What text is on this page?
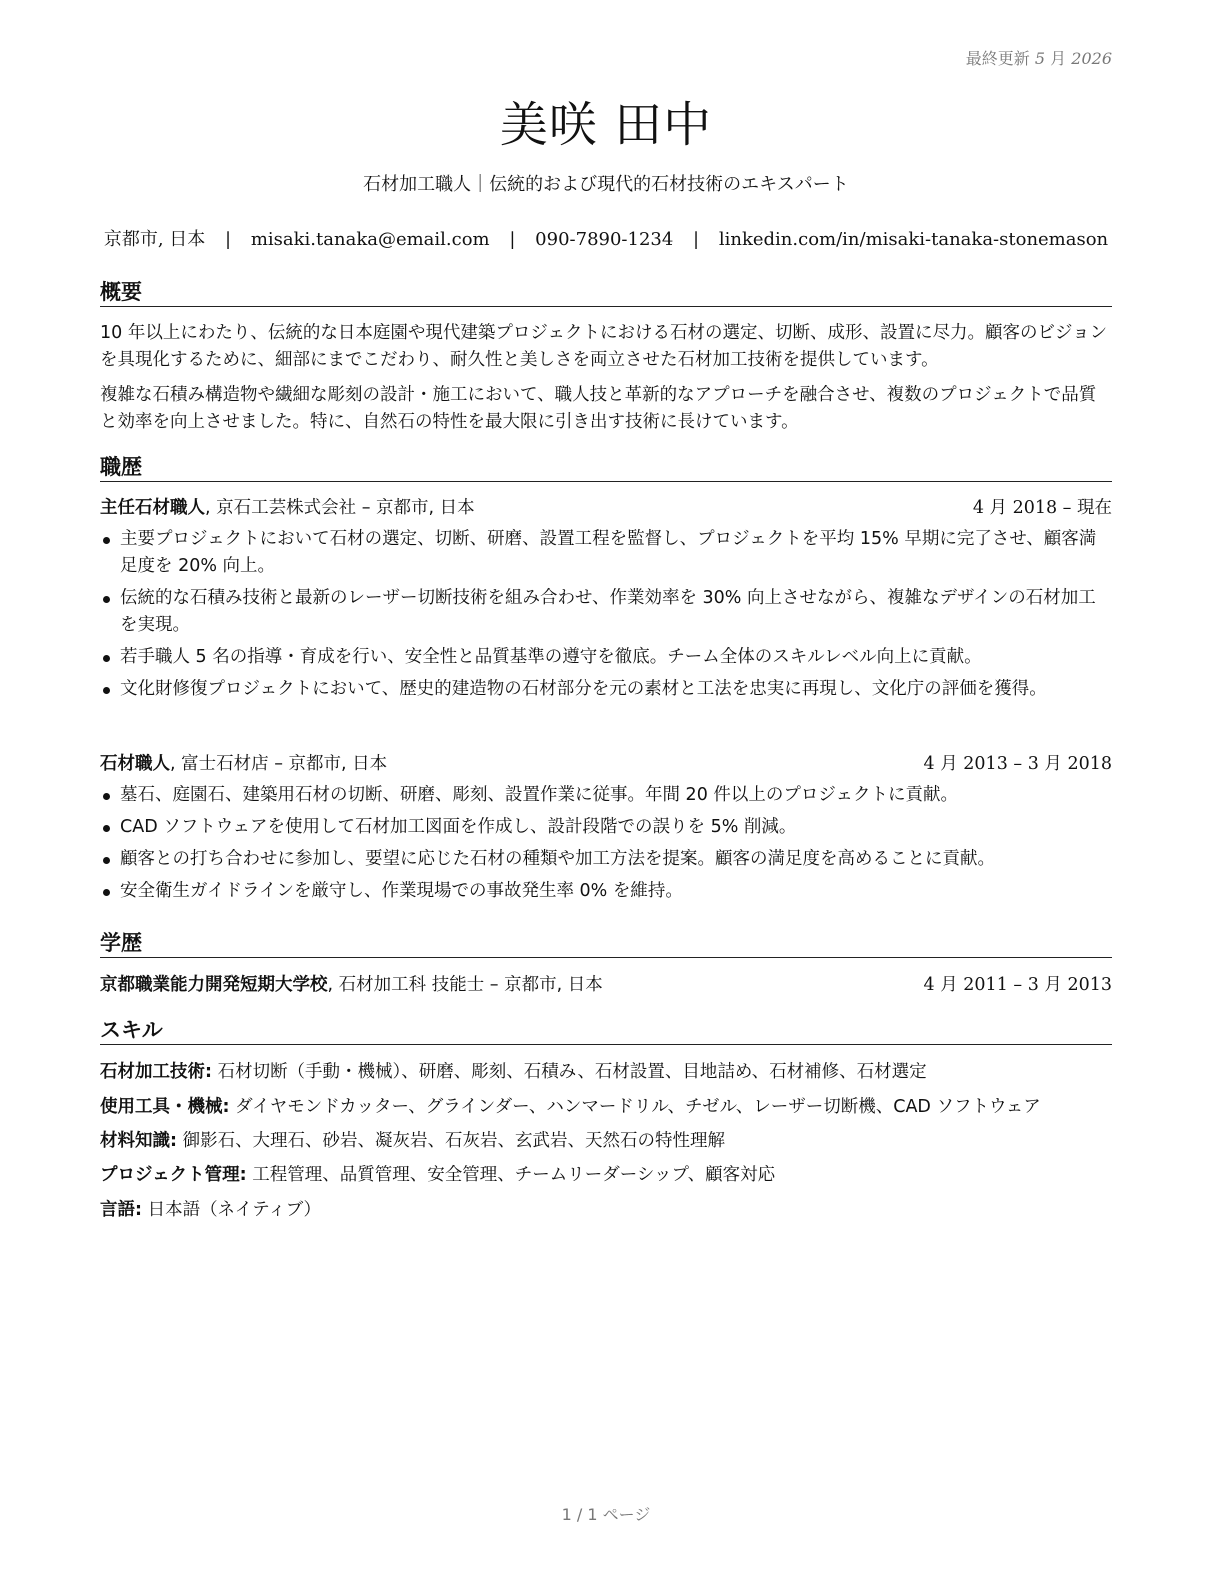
最終更新 5 月 2026
美咲 田中
石材加工職人｜伝統的および現代的石材技術のエキスパート
京都市, 日本 | misaki.tanaka@email.com | 090-7890-1234 | linkedin.com/in/misaki-tanaka-stonemason
概要
10 年以上にわたり、伝統的な日本庭園や現代建築プロジェクトにおける石材の選定、切断、成形、設置に尽力。顧客のビジョンを具現化するために、細部にまでこだわり、耐久性と美しさを両立させた石材加工技術を提供しています。
複雑な石積み構造物や繊細な彫刻の設計・施工において、職人技と革新的なアプローチを融合させ、複数のプロジェクトで品質と効率を向上させました。特に、自然石の特性を最大限に引き出す技術に長けています。
職歴
主任石材職人, 京石工芸株式会社 – 京都市, 日本	4 月 2018 – 現在
主要プロジェクトにおいて石材の選定、切断、研磨、設置工程を監督し、プロジェクトを平均 15% 早期に完了させ、顧客満足度を 20% 向上。
伝統的な石積み技術と最新のレーザー切断技術を組み合わせ、作業効率を 30% 向上させながら、複雑なデザインの石材加工を実現。
若手職人 5 名の指導・育成を行い、安全性と品質基準の遵守を徹底。チーム全体のスキルレベル向上に貢献。
文化財修復プロジェクトにおいて、歴史的建造物の石材部分を元の素材と工法を忠実に再現し、文化庁の評価を獲得。
石材職人, 富士石材店 – 京都市, 日本	4 月 2013 – 3 月 2018
墓石、庭園石、建築用石材の切断、研磨、彫刻、設置作業に従事。年間 20 件以上のプロジェクトに貢献。
CAD ソフトウェアを使用して石材加工図面を作成し、設計段階での誤りを 5% 削減。
顧客との打ち合わせに参加し、要望に応じた石材の種類や加工方法を提案。顧客の満足度を高めることに貢献。
安全衛生ガイドラインを厳守し、作業現場での事故発生率 0% を維持。
学歴
京都職業能力開発短期大学校, 石材加工科 技能士 – 京都市, 日本	4 月 2011 – 3 月 2013
スキル
石材加工技術: 石材切断（手動・機械）、研磨、彫刻、石積み、石材設置、目地詰め、石材補修、石材選定
使用工具・機械: ダイヤモンドカッター、グラインダー、ハンマードリル、チゼル、レーザー切断機、CAD ソフトウェア
材料知識: 御影石、大理石、砂岩、凝灰岩、石灰岩、玄武岩、天然石の特性理解
プロジェクト管理: 工程管理、品質管理、安全管理、チームリーダーシップ、顧客対応
言語: 日本語（ネイティブ）
1 / 1 ページ
